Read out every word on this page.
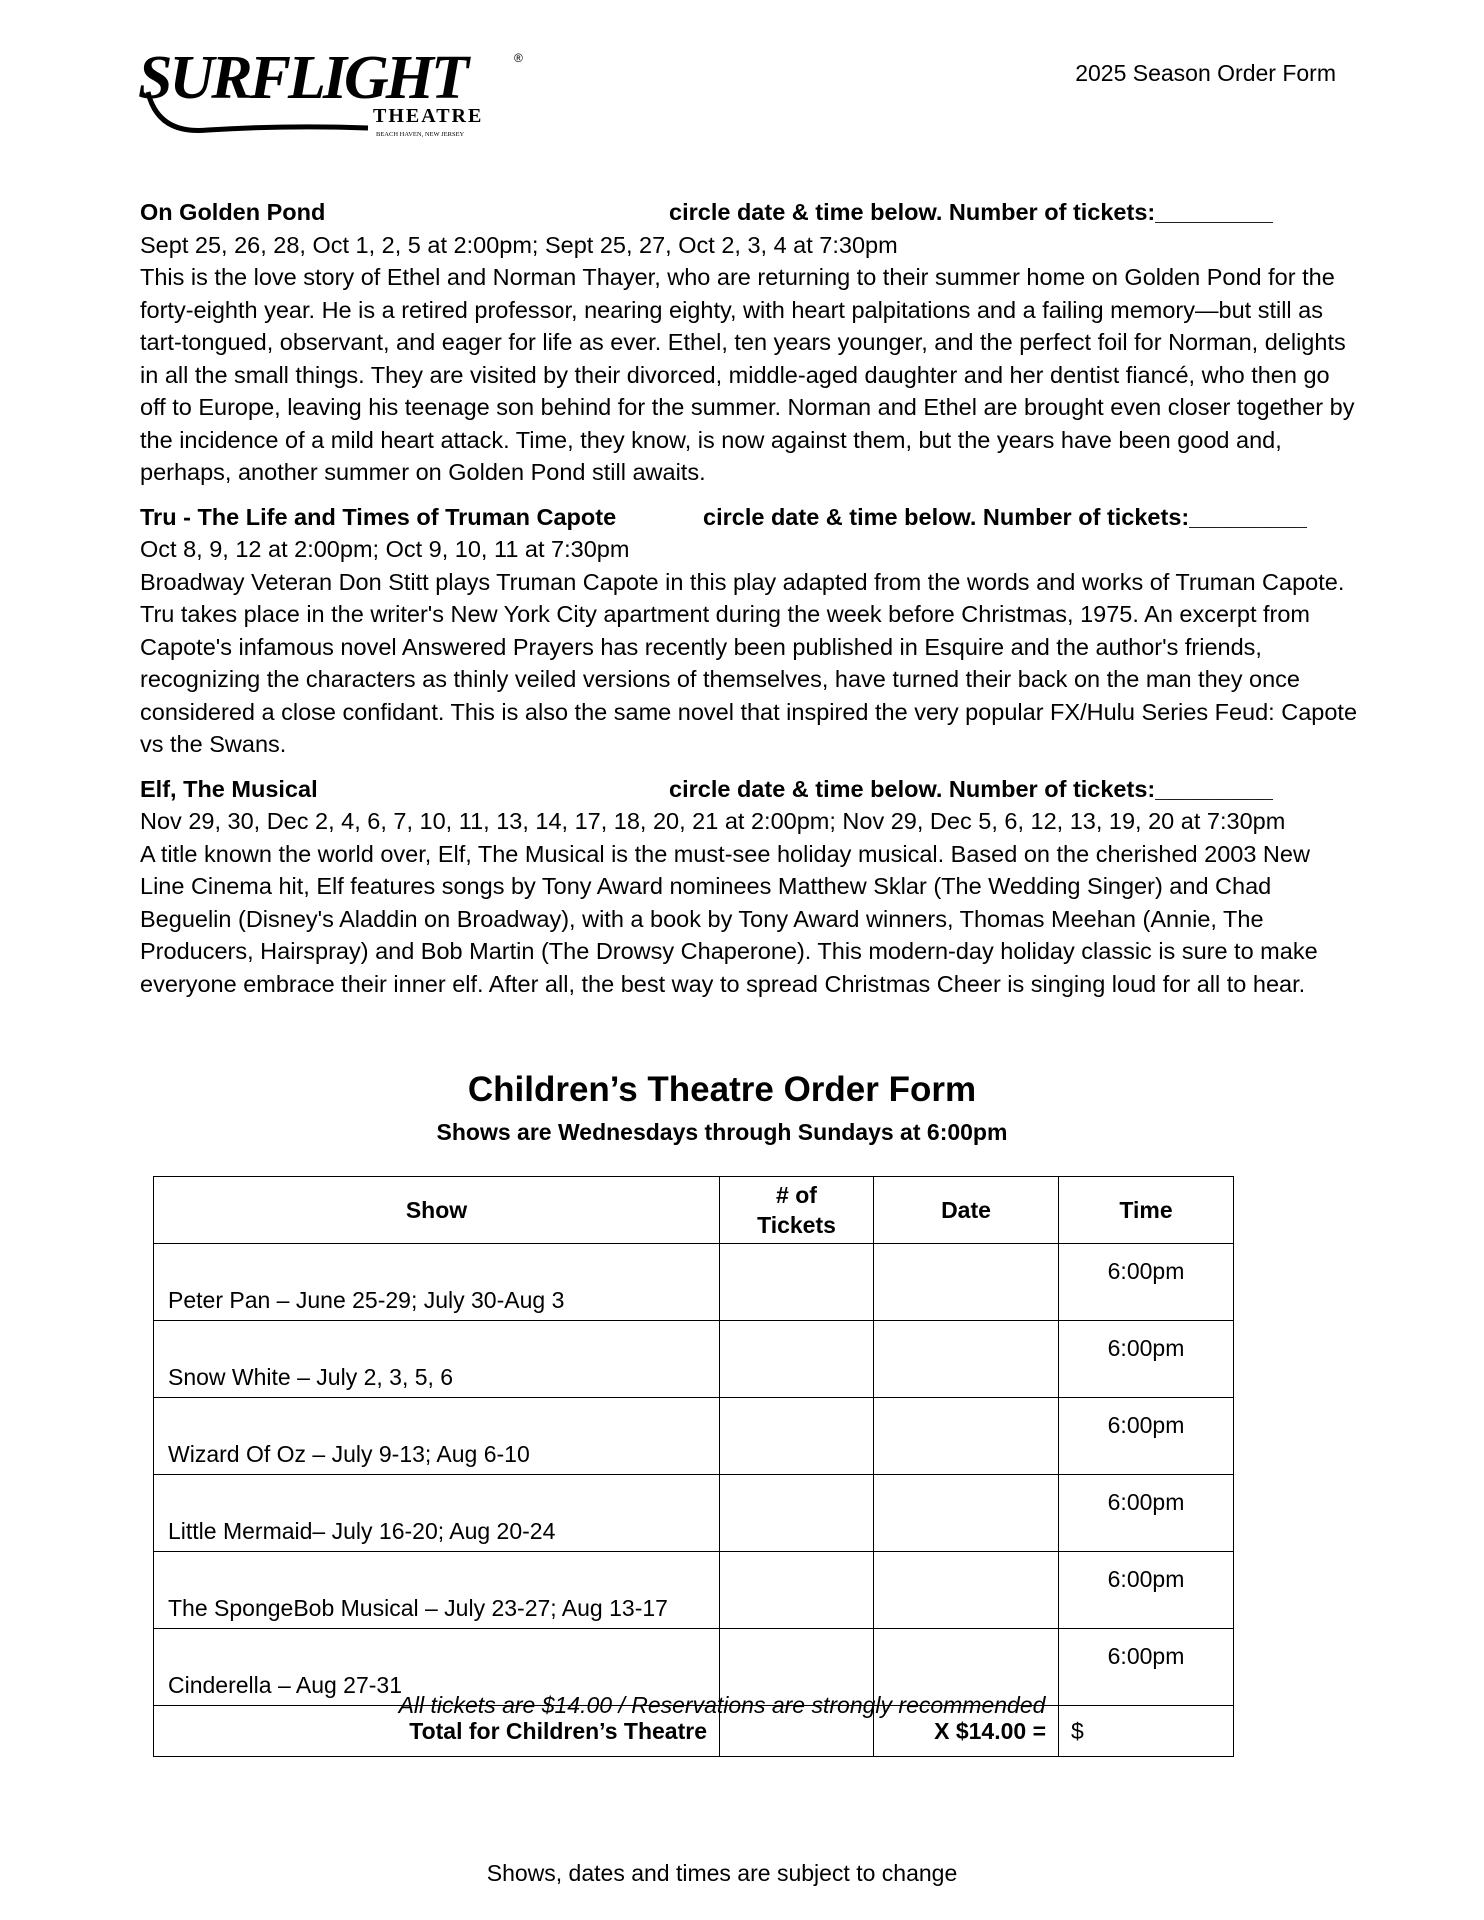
SURFLIGHT	®
THEATRE
BEACH HAVEN, NEW JERSEY
2025 Season Order Form
On Golden Pond	circle date & time below. Number of tickets:_________

Sept 25, 26, 28, Oct 1, 2, 5 at 2:00pm; Sept 25, 27, Oct 2, 3, 4 at 7:30pm

This is the love story of Ethel and Norman Thayer, who are returning to their summer home on Golden Pond for the forty-eighth year. He is a retired professor, nearing eighty, with heart palpitations and a failing memory—but still as tart-tongued, observant, and eager for life as ever. Ethel, ten years younger, and the perfect foil for Norman, delights in all the small things. They are visited by their divorced, middle-aged daughter and her dentist fiancé, who then go off to Europe, leaving his teenage son behind for the summer. Norman and Ethel are brought even closer together by the incidence of a mild heart attack. Time, they know, is now against them, but the years have been good and, perhaps, another summer on Golden Pond still awaits.

Tru - The Life and Times of Truman Capote	circle date & time below. Number of tickets:_________

Oct 8, 9, 12 at 2:00pm; Oct 9, 10, 11 at 7:30pm

Broadway Veteran Don Stitt plays Truman Capote in this play adapted from the words and works of Truman Capote. Tru takes place in the writer's New York City apartment during the week before Christmas, 1975. An excerpt from Capote's infamous novel Answered Prayers has recently been published in Esquire and the author's friends, recognizing the characters as thinly veiled versions of themselves, have turned their back on the man they once considered a close confidant. This is also the same novel that inspired the very popular FX/Hulu Series Feud: Capote vs the Swans.

Elf, The Musical	circle date & time below. Number of tickets:_________

Nov 29, 30, Dec 2, 4, 6, 7, 10, 11, 13, 14, 17, 18, 20, 21 at 2:00pm; Nov 29, Dec 5, 6, 12, 13, 19, 20 at 7:30pm

A title known the world over, Elf, The Musical is the must-see holiday musical. Based on the cherished 2003 New Line Cinema hit, Elf features songs by Tony Award nominees Matthew Sklar (The Wedding Singer) and Chad Beguelin (Disney's Aladdin on Broadway), with a book by Tony Award winners, Thomas Meehan (Annie, The Producers, Hairspray) and Bob Martin (The Drowsy Chaperone). This modern-day holiday classic is sure to make everyone embrace their inner elf. After all, the best way to spread Christmas Cheer is singing loud for all to hear.

Children’s Theatre Order Form
Shows are Wednesdays through Sundays at 6:00pm
Show	# of Tickets	Date	Time
Peter Pan – June 25-29; July 30-Aug 3			6:00pm
Snow White – July 2, 3, 5, 6			6:00pm
Wizard Of Oz – July 9-13; Aug 6-10			6:00pm
Little Mermaid– July 16-20; Aug 20-24			6:00pm
The SpongeBob Musical – July 23-27; Aug 13-17			6:00pm
Cinderella – Aug 27-31			6:00pm
Total for Children’s Theatre		X $14.00 =	$
All tickets are $14.00 / Reservations are strongly recommended
Shows, dates and times are subject to change
